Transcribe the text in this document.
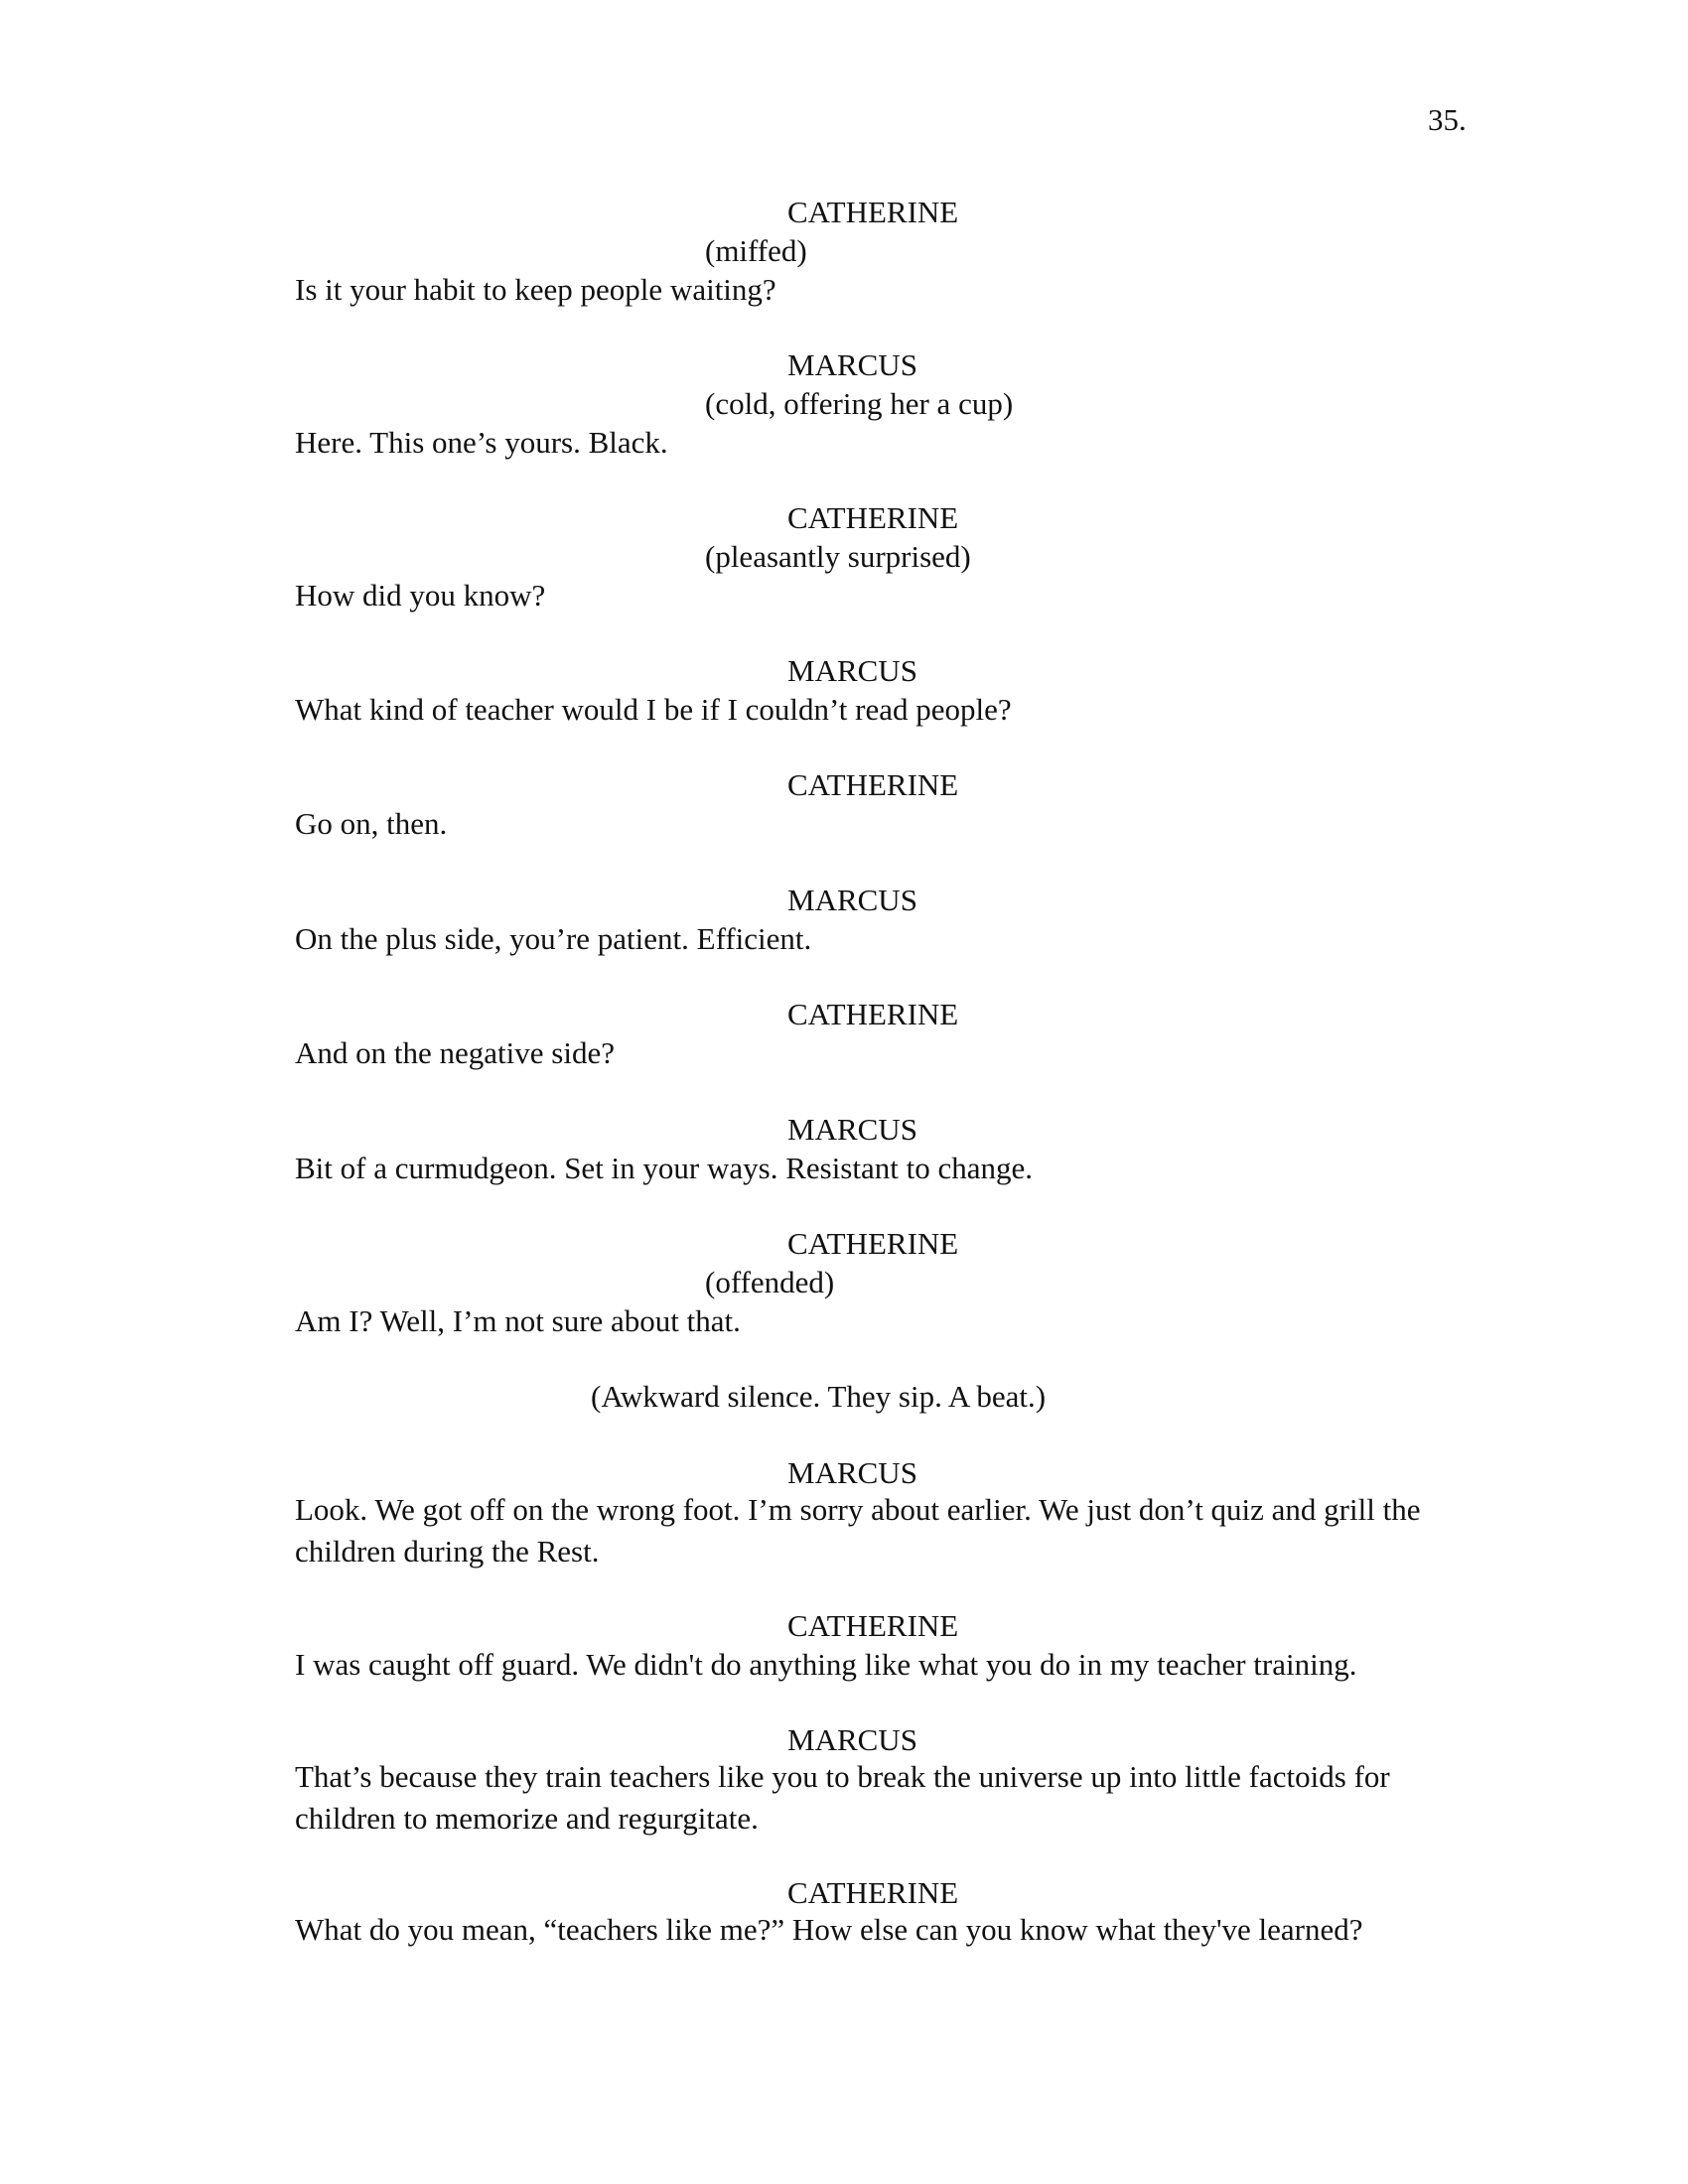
35.
CATHERINE
(miffed)
Is it your habit to keep people waiting?
MARCUS
(cold, offering her a cup)
Here. This one’s yours. Black.
CATHERINE
(pleasantly surprised)
How did you know?
MARCUS
What kind of teacher would I be if I couldn’t read people?
CATHERINE
Go on, then.
MARCUS
On the plus side, you’re patient. Efficient.
CATHERINE
And on the negative side?
MARCUS
Bit of a curmudgeon. Set in your ways. Resistant to change.
CATHERINE
(offended)
Am I? Well, I’m not sure about that.
(Awkward silence. They sip. A beat.)
MARCUS
Look. We got off on the wrong foot. I’m sorry about earlier. We just don’t quiz and grill the children during the Rest.
CATHERINE
I was caught off guard. We didn't do anything like what you do in my teacher training.
MARCUS
That’s because they train teachers like you to break the universe up into little factoids for children to memorize and regurgitate.
CATHERINE
What do you mean, “teachers like me?” How else can you know what they've learned?
